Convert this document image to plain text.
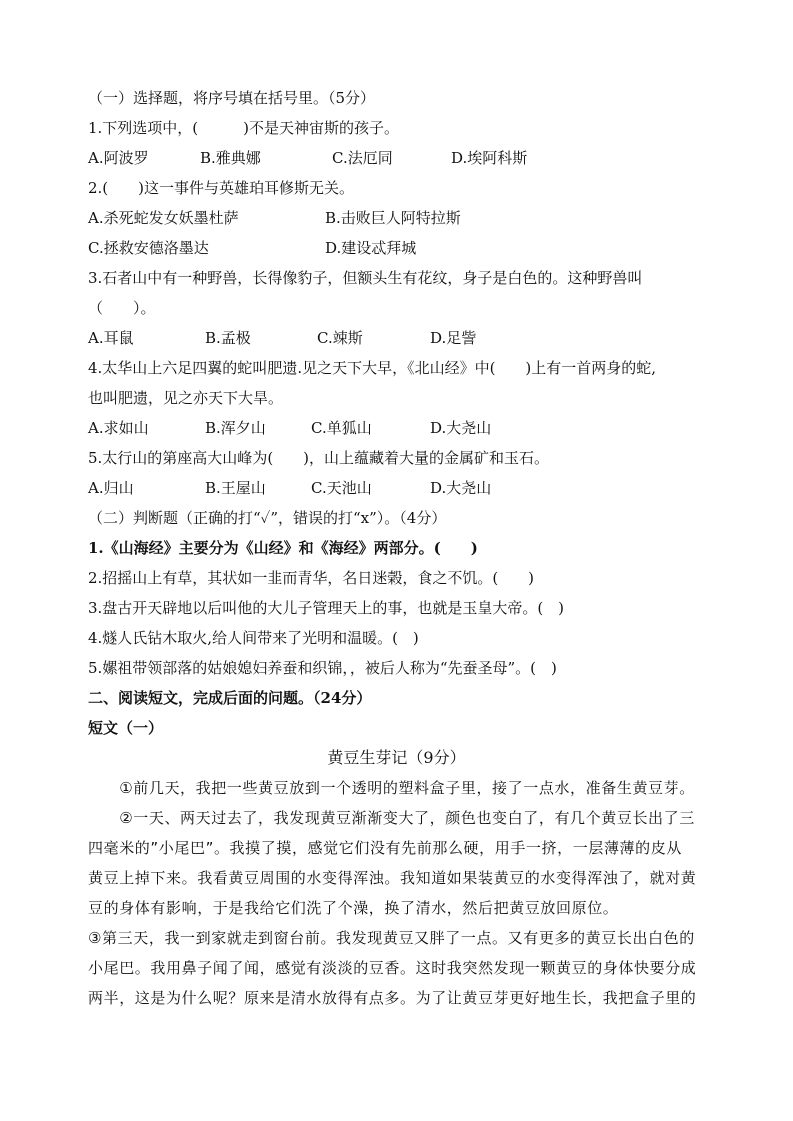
（一）选择题，将序号填在括号里。（5分）
1.下列选项中，(　　　)不是天神宙斯的孩子。
A.阿波罗	B.雅典娜	C.法厄同	D.埃阿科斯
2.(　　)这一事件与英雄珀耳修斯无关。
A.杀死蛇发女妖墨杜萨	B.击败巨人阿特拉斯
C.拯救安德洛墨达	D.建设忒拜城
3.石者山中有一种野兽，长得像豹子，但额头生有花纹，身子是白色的。这种野兽叫
（　　）。
A.耳鼠	B.孟极	C.竦斯	D.足訾
4.太华山上六足四翼的蛇叫肥遗.见之天下大早，《北山经》中(　　)上有一首两身的蛇,
也叫肥遗，见之亦天下大旱。
A.求如山	B.浑夕山	C.单狐山	D.大尧山
5.太行山的第座高大山峰为(　　)，山上蕴藏着大量的金属矿和玉石。
A.归山	B.王屋山	C.天池山	D.大尧山
（二）判断题（正确的打“✓”，错误的打“x”）。（4分）
1.《山海经》主要分为《山经》和《海经》两部分。(　　)
2.招摇山上有草，其状如一韭而青华，名日迷榖，食之不饥。(　　)
3.盘古开天辟地以后叫他的大儿子管理天上的事，也就是玉皇大帝。(　)
4.燧人氏钻木取火,给人间带来了光明和温暖。(　)
5.嫘祖带领部落的姑娘媳妇养蚕和织锦，，被后人称为“先蚕圣母”。(　)
二、阅读短文，完成后面的问题。（24分）
短文（一）
黄豆生芽记（9分）
　　①前几天，我把一些黄豆放到一个透明的塑料盒子里，接了一点水，准备生黄豆芽。
　　②一天、两天过去了，我发现黄豆渐渐变大了，颜色也变白了，有几个黄豆长出了三
四毫米的”小尾巴”。我摸了摸，感觉它们没有先前那么硬，用手一挤，一层薄薄的皮从
黄豆上掉下来。我看黄豆周围的水变得浑浊。我知道如果装黄豆的水变得浑浊了，就对黄
豆的身体有影响，于是我给它们洗了个澡，换了清水，然后把黄豆放回原位。
③第三天，我一到家就走到窗台前。我发现黄豆又胖了一点。又有更多的黄豆长出白色的
小尾巴。我用鼻子闻了闻，感觉有淡淡的豆香。这时我突然发现一颗黄豆的身体快要分成
两半，这是为什么呢？原来是清水放得有点多。为了让黄豆芽更好地生长，我把盒子里的
